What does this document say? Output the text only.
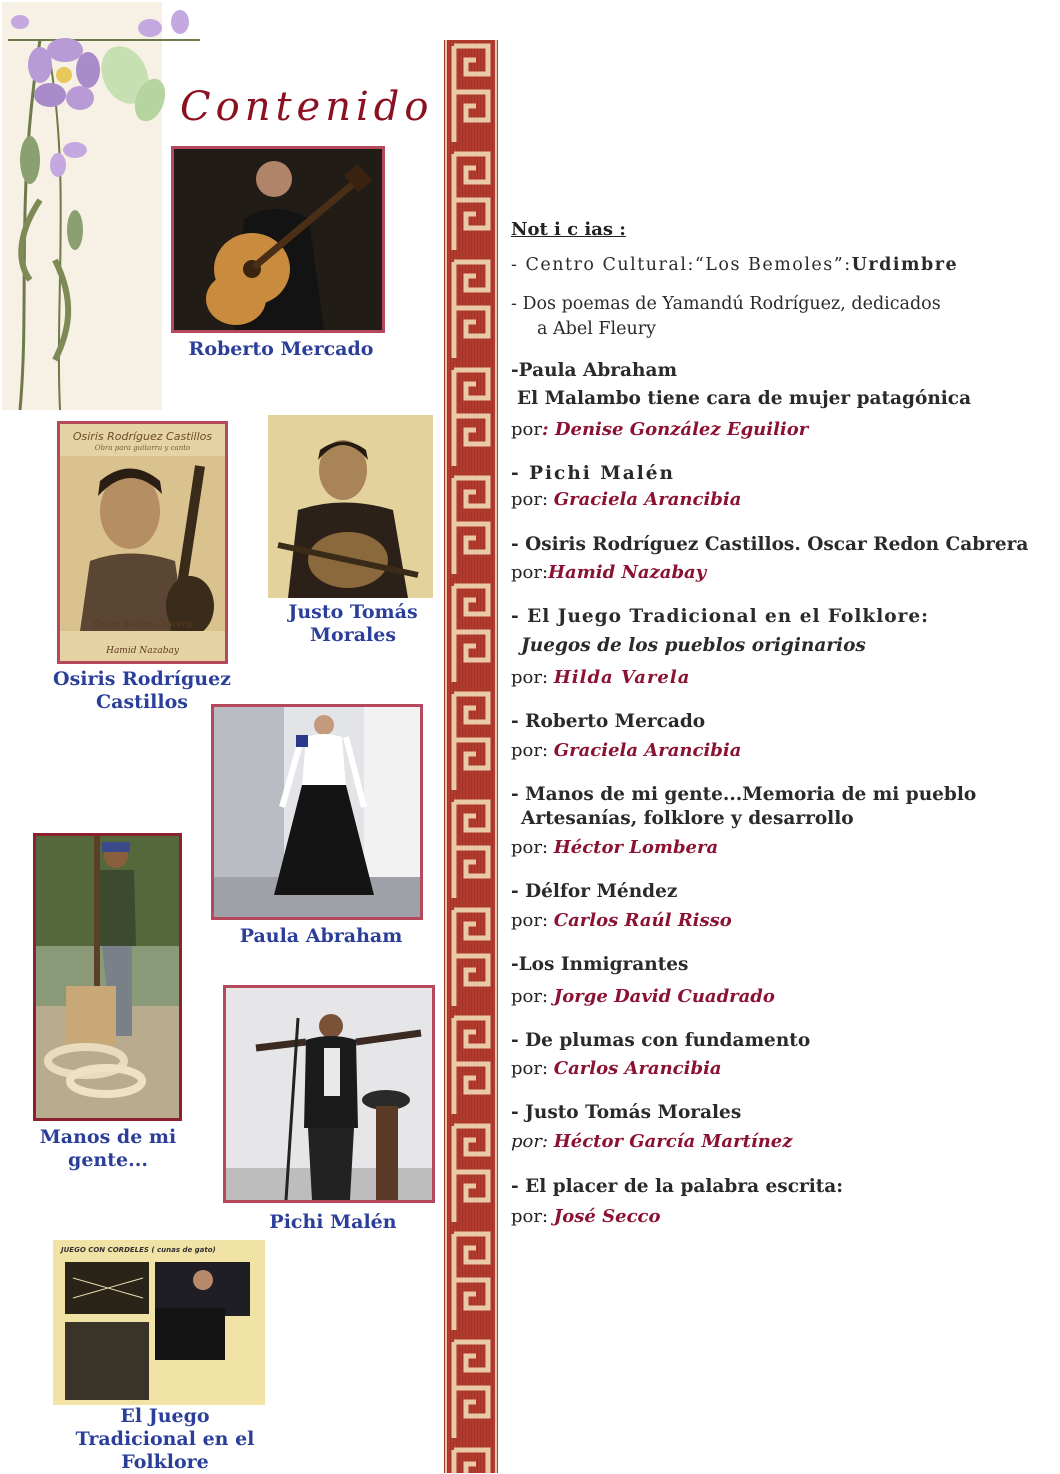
Contenido
Roberto Mercado
Osiris Rodríguez Castillos
Obra para guitarra y canto
Oscar Redon Cabrera
Hamid Nazabay
Osiris Rodríguez Castillos
Justo Tomás Morales
Paula Abraham
Manos de mi gente...
Pichi Malén
JUEGO CON CORDELES ( cunas de gato)
El Juego Tradicional en el Folklore
Not i c ias :
- Centro Cultural:“Los Bemoles”:Urdimbre
- Dos poemas de Yamandú Rodríguez, dedicados
a Abel Fleury
-Paula Abraham
El Malambo tiene cara de mujer patagónica
por: Denise González Eguilior
- Pichi Malén
por: Graciela Arancibia
- Osiris Rodríguez Castillos. Oscar Redon Cabrera
por:Hamid Nazabay
- El Juego Tradicional en el Folklore:
Juegos de los pueblos originarios
por: Hilda Varela
- Roberto Mercado
por: Graciela Arancibia
- Manos de mi gente...Memoria de mi pueblo
Artesanías, folklore y desarrollo
por: Héctor Lombera
- Délfor Méndez
por: Carlos Raúl Risso
-Los Inmigrantes
por: Jorge David Cuadrado
- De plumas con fundamento
por: Carlos Arancibia
- Justo Tomás Morales
por: Héctor García Martínez
- El placer de la palabra escrita:
por: José Secco
